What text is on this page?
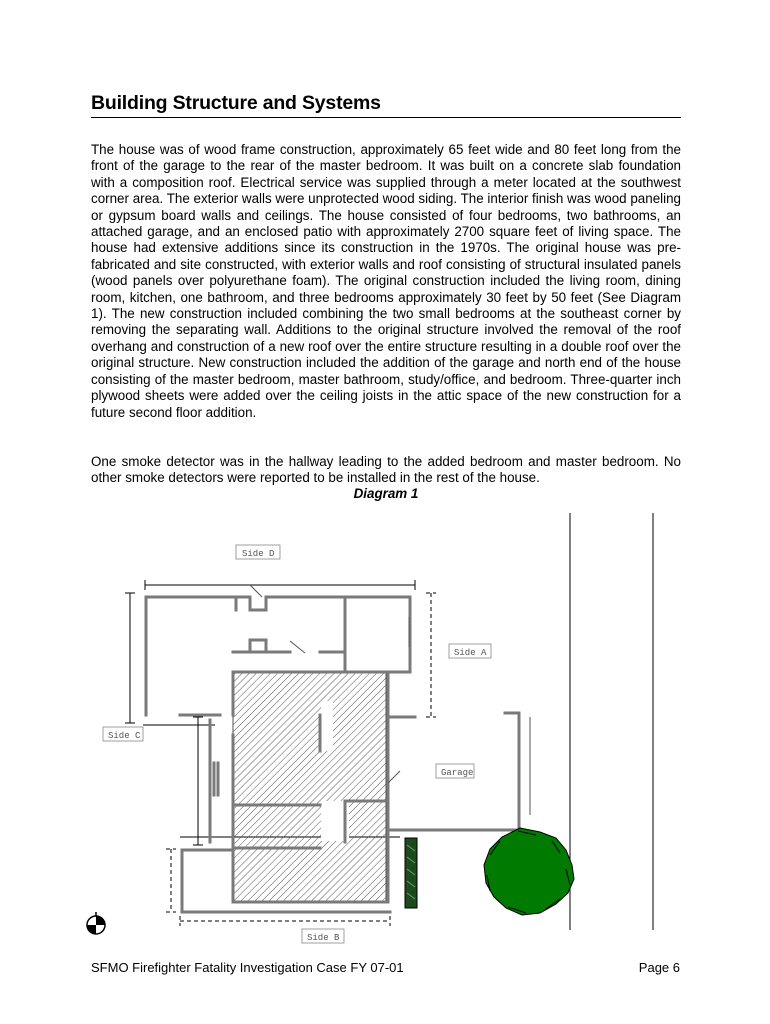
Building Structure and Systems

The house was of wood frame construction, approximately 65 feet wide and 80 feet long from the front of the garage to the rear of the master bedroom. It was built on a concrete slab foundation with a composition roof. Electrical service was supplied through a meter located at the southwest corner area. The exterior walls were unprotected wood siding. The interior finish was wood paneling or gypsum board walls and ceilings. The house consisted of four bedrooms, two bathrooms, an attached garage, and an enclosed patio with approximately 2700 square feet of living space. The house had extensive additions since its construction in the 1970s. The original house was pre-fabricated and site constructed, with exterior walls and roof consisting of structural insulated panels (wood panels over polyurethane foam). The original construction included the living room, dining room, kitchen, one bathroom, and three bedrooms approximately 30 feet by 50 feet (See Diagram 1). The new construction included combining the two small bedrooms at the southeast corner by removing the separating wall. Additions to the original structure involved the removal of the roof overhang and construction of a new roof over the entire structure resulting in a double roof over the original structure. New construction included the addition of the garage and north end of the house consisting of the master bedroom, master bathroom, study/office, and bedroom. Three-quarter inch plywood sheets were added over the ceiling joists in the attic space of the new construction for a future second floor addition.

One smoke detector was in the hallway leading to the added bedroom and master bedroom. No other smoke detectors were reported to be installed in the rest of the house.

Diagram 1
Side D
Side A
Side C
Side B
Garage
SFMO Firefighter Fatality Investigation Case FY 07-01	Page 6
